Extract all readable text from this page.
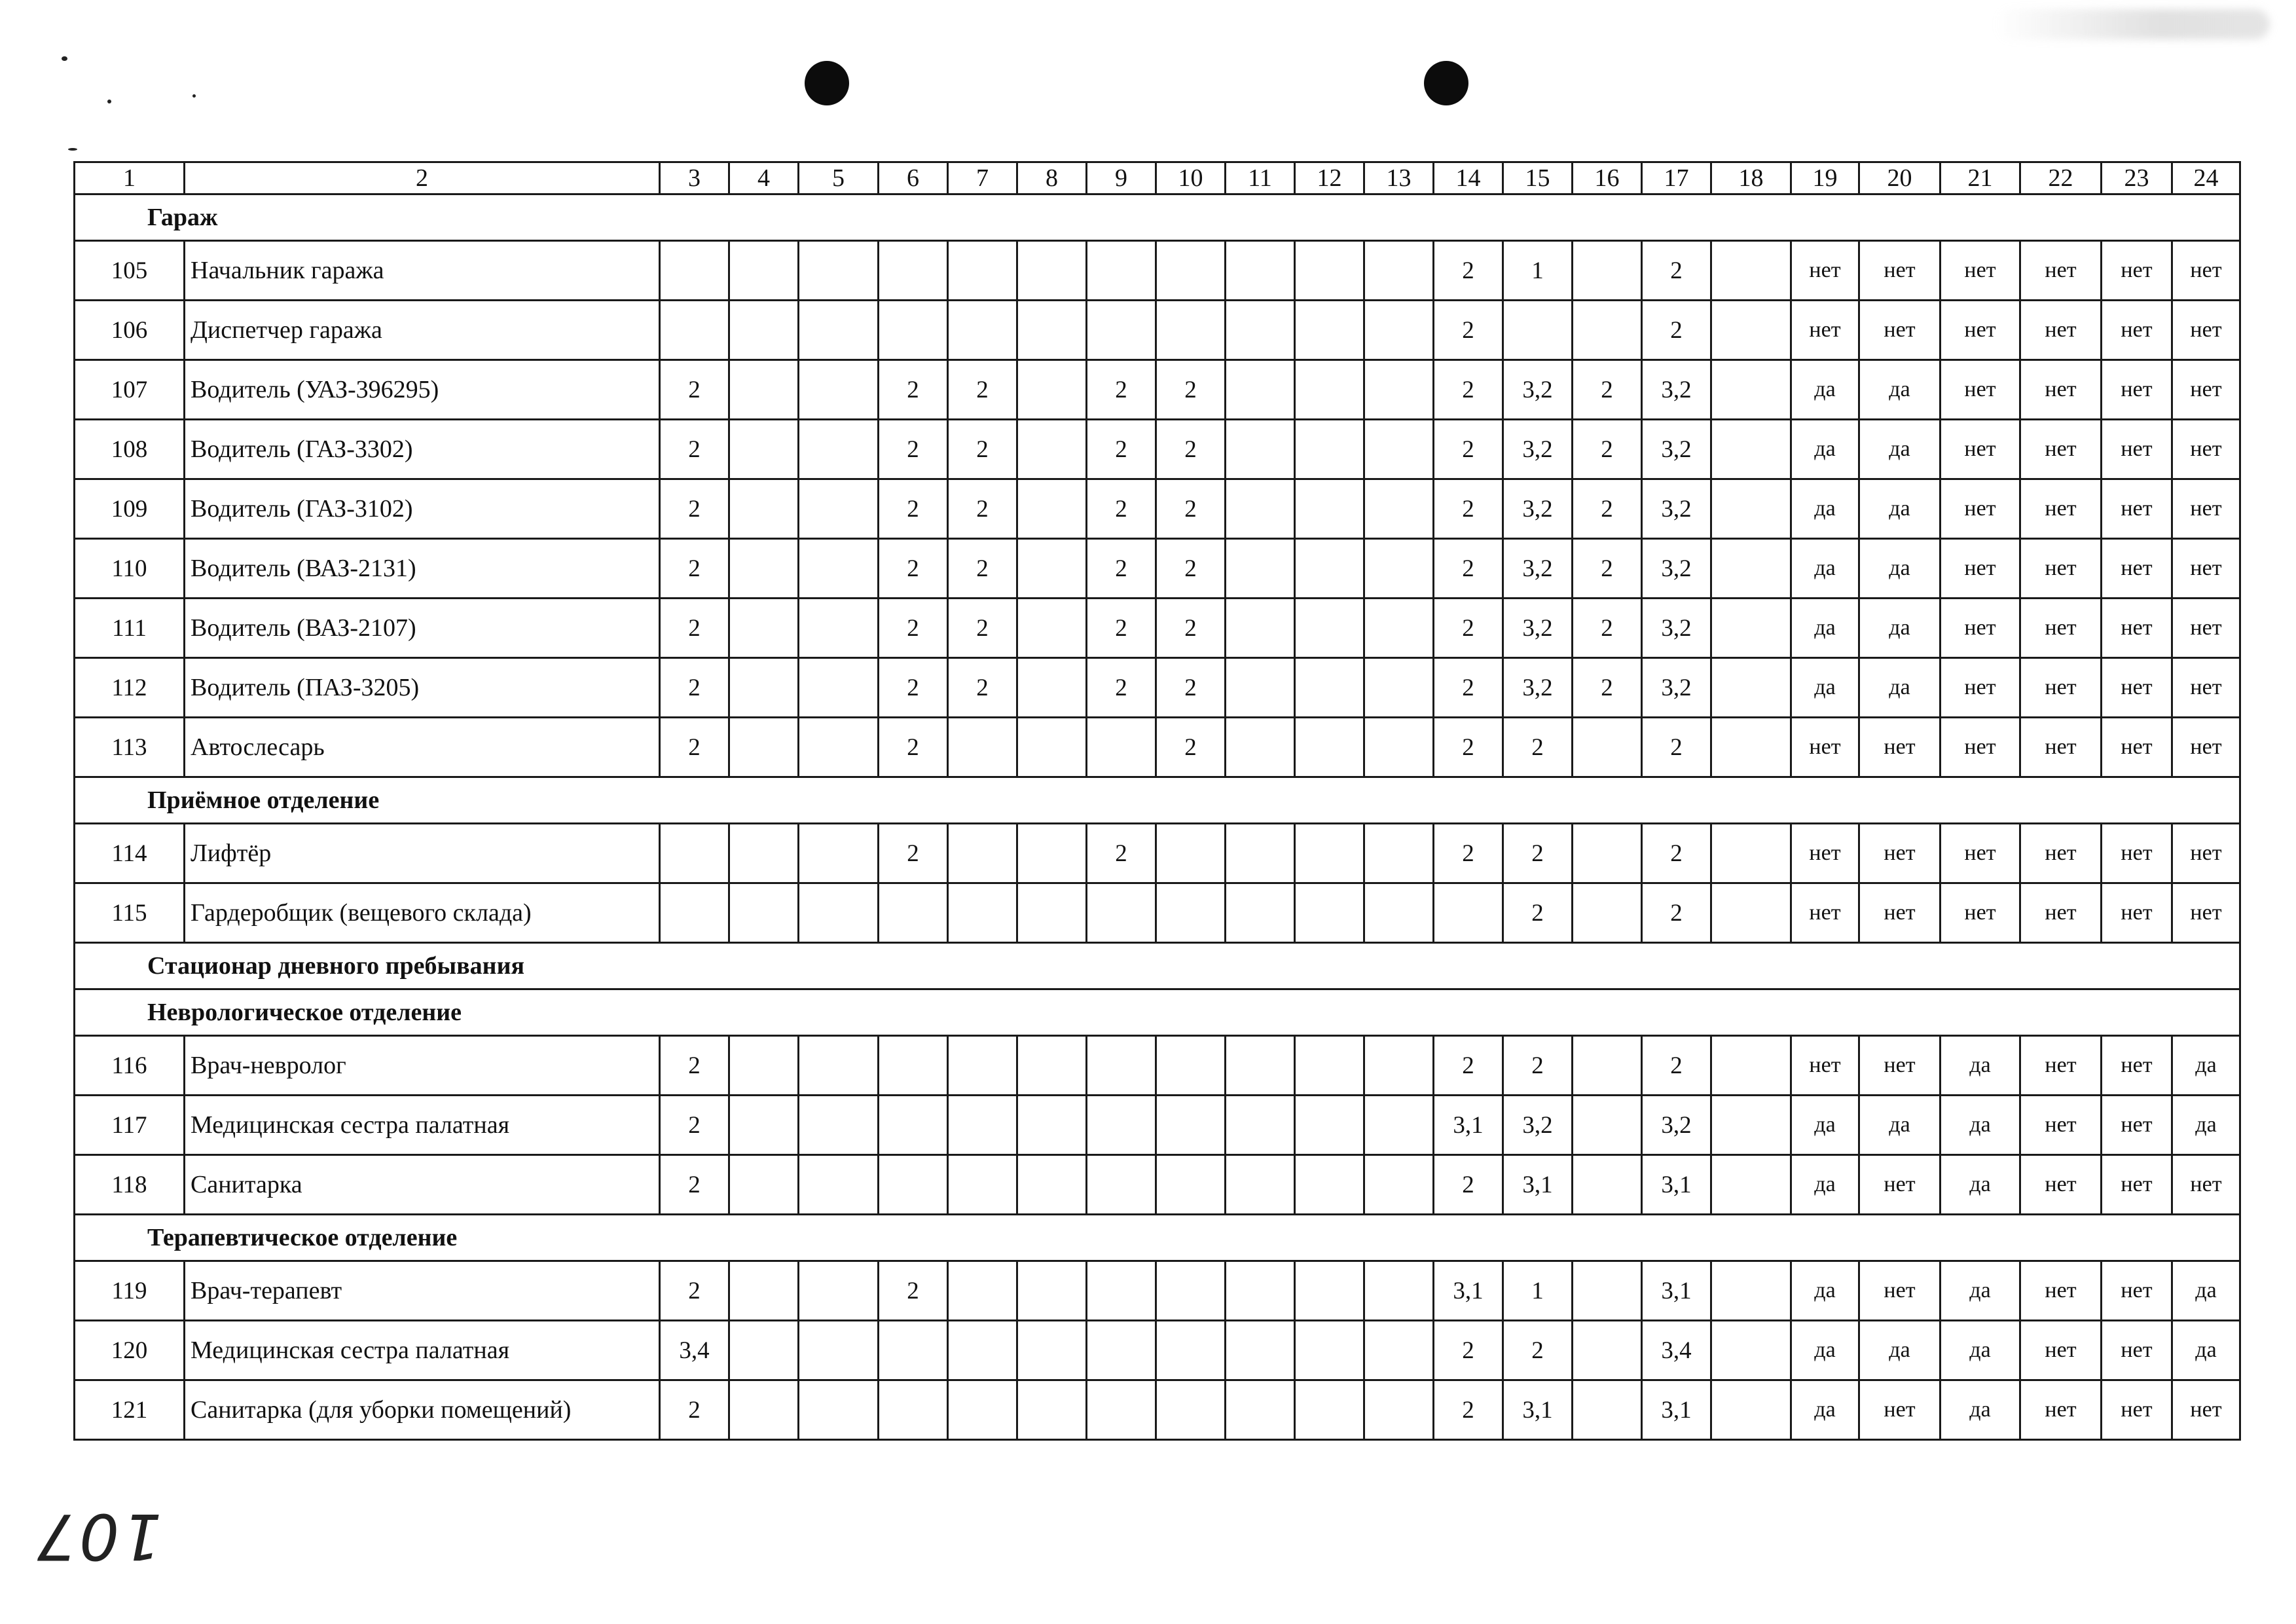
1	2	3	4	5	6	7	8	9	10	11	12	13	14	15	16	17	18	19	20	21	22	23	24
Гараж																							
105	Начальник гаража												2	1		2		нет	нет	нет	нет	нет	нет
106	Диспетчер гаража												2			2		нет	нет	нет	нет	нет	нет
107	Водитель (УАЗ-396295)	2			2	2		2	2				2	3,2	2	3,2		да	да	нет	нет	нет	нет
108	Водитель (ГАЗ-3302)	2			2	2		2	2				2	3,2	2	3,2		да	да	нет	нет	нет	нет
109	Водитель (ГАЗ-3102)	2			2	2		2	2				2	3,2	2	3,2		да	да	нет	нет	нет	нет
110	Водитель (ВАЗ-2131)	2			2	2		2	2				2	3,2	2	3,2		да	да	нет	нет	нет	нет
111	Водитель (ВАЗ-2107)	2			2	2		2	2				2	3,2	2	3,2		да	да	нет	нет	нет	нет
112	Водитель (ПАЗ-3205)	2			2	2		2	2				2	3,2	2	3,2		да	да	нет	нет	нет	нет
113	Автослесарь	2			2				2				2	2		2		нет	нет	нет	нет	нет	нет
Приёмное отделение																							
114	Лифтёр				2			2					2	2		2		нет	нет	нет	нет	нет	нет
115	Гардеробщик (вещевого склада)													2		2		нет	нет	нет	нет	нет	нет
Стационар дневного пребывания																							
Неврологическое отделение																							
116	Врач-невролог	2											2	2		2		нет	нет	да	нет	нет	да
117	Медицинская сестра палатная	2											3,1	3,2		3,2		да	да	да	нет	нет	да
118	Санитарка	2											2	3,1		3,1		да	нет	да	нет	нет	нет
Терапевтическое отделение																							
119	Врач-терапевт	2			2								3,1	1		3,1		да	нет	да	нет	нет	да
120	Медицинская сестра палатная	3,4											2	2		3,4		да	да	да	нет	нет	да
121	Санитарка (для уборки помещений)	2											2	3,1		3,1		да	нет	да	нет	нет	нет
107
